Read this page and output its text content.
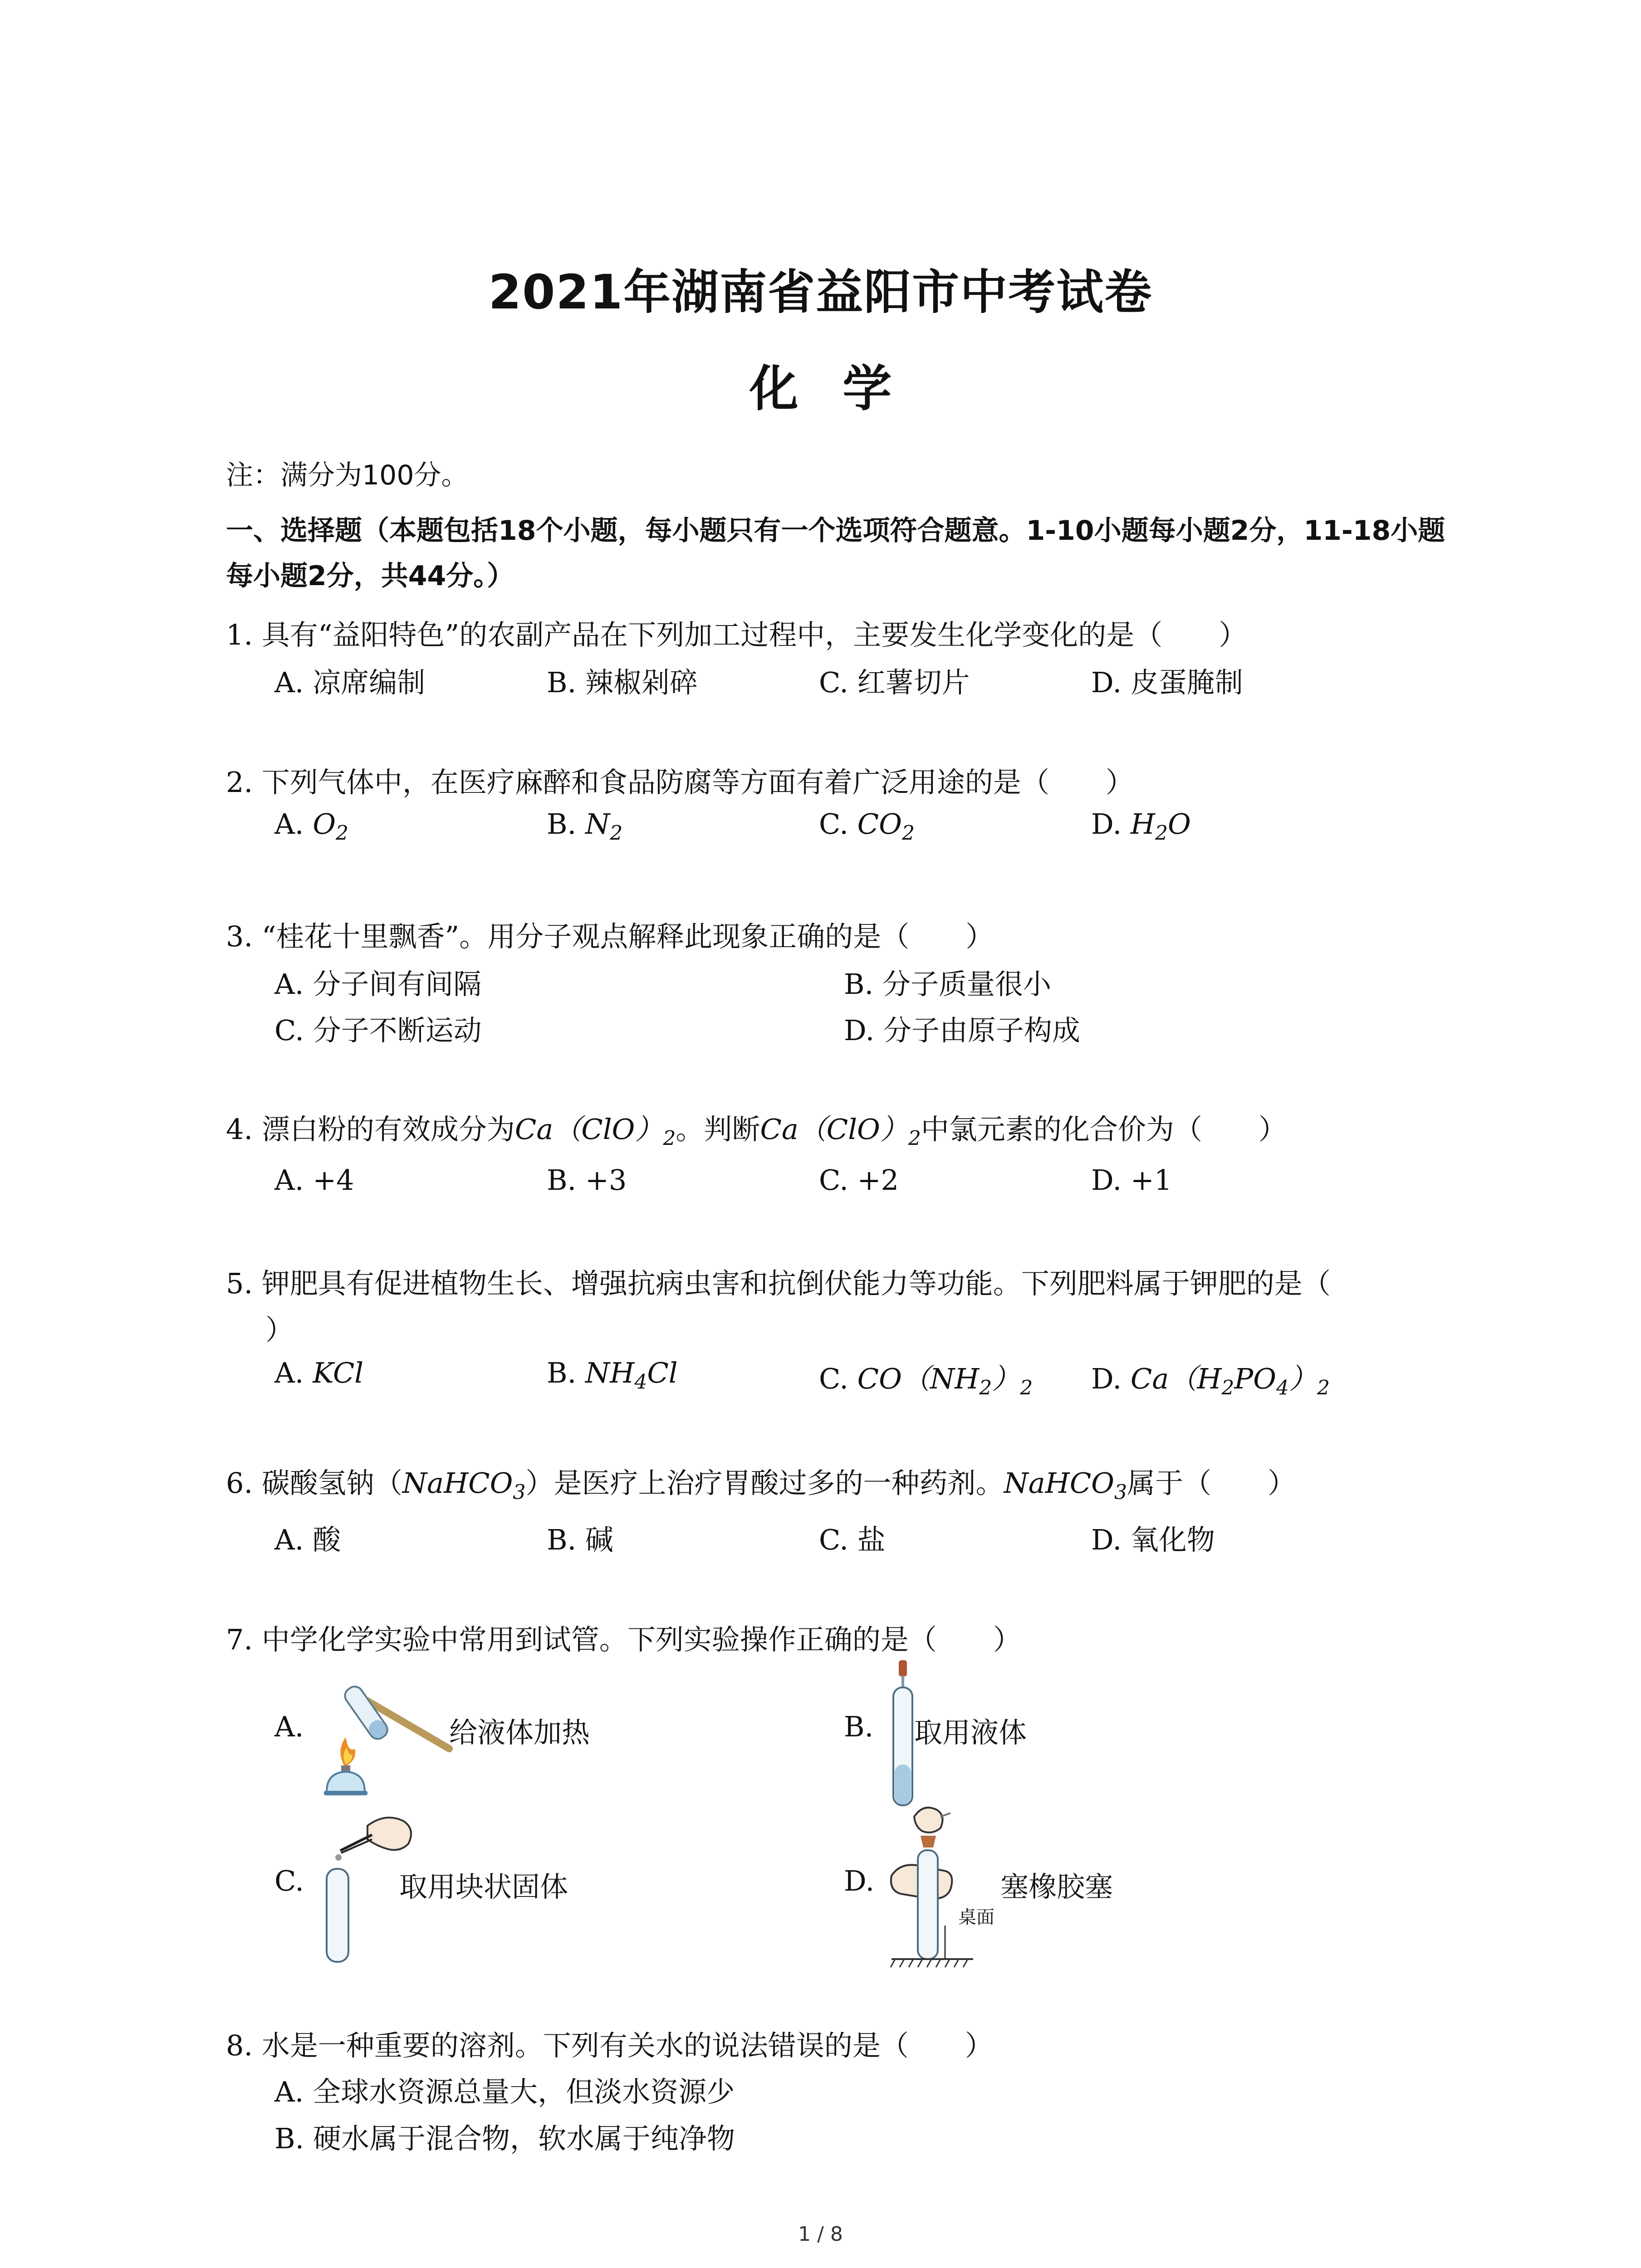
2021年湖南省益阳市中考试卷
化 学
注：满分为100分。
一、选择题（本题包括18个小题，每小题只有一个选项符合题意。1-10小题每小题2分，11-18小题每小题2分，共44分。）
1. 具有“益阳特色”的农副产品在下列加工过程中，主要发生化学变化的是（　　）
A. 凉席编制	B. 辣椒剁碎	C. 红薯切片	D. 皮蛋腌制
2. 下列气体中，在医疗麻醉和食品防腐等方面有着广泛用途的是（　　）
A. $O_2$	B. $N_2$	C. $CO_2$	D. $H_2O$
3. “桂花十里飘香”。用分子观点解释此现象正确的是（　　）
A. 分子间有间隔	B. 分子质量很小
C. 分子不断运动	D. 分子由原子构成
4. 漂白粉的有效成分为$Ca(ClO)_2$。判断$Ca(ClO)_2$中氯元素的化合价为（　　）
A. +4	B. +3	C. +2	D. +1
5. 钾肥具有促进植物生长、增强抗病虫害和抗倒伏能力等功能。下列肥料属于钾肥的是（
）
A. KCl	B. $NH_4Cl$	C. $CO(NH_2)_2$ D. $Ca(H_2PO_4)_2$
6. 碳酸氢钠（NaHCO$_3$）是医疗上治疗胃酸过多的一种药剂。NaHCO$_3$属于（　　）
A. 酸	B. 碱	C. 盐	D. 氧化物
7. 中学化学实验中常用到试管。下列实验操作正确的是（　　）
A.	给液体加热	B. 取用液体
C.	取用块状固体	D.
桌面
塞橡胶塞
8. 水是一种重要的溶剂。下列有关水的说法错误的是（　　）
A. 全球水资源总量大，但淡水资源少
B. 硬水属于混合物，软水属于纯净物
1 / 8
